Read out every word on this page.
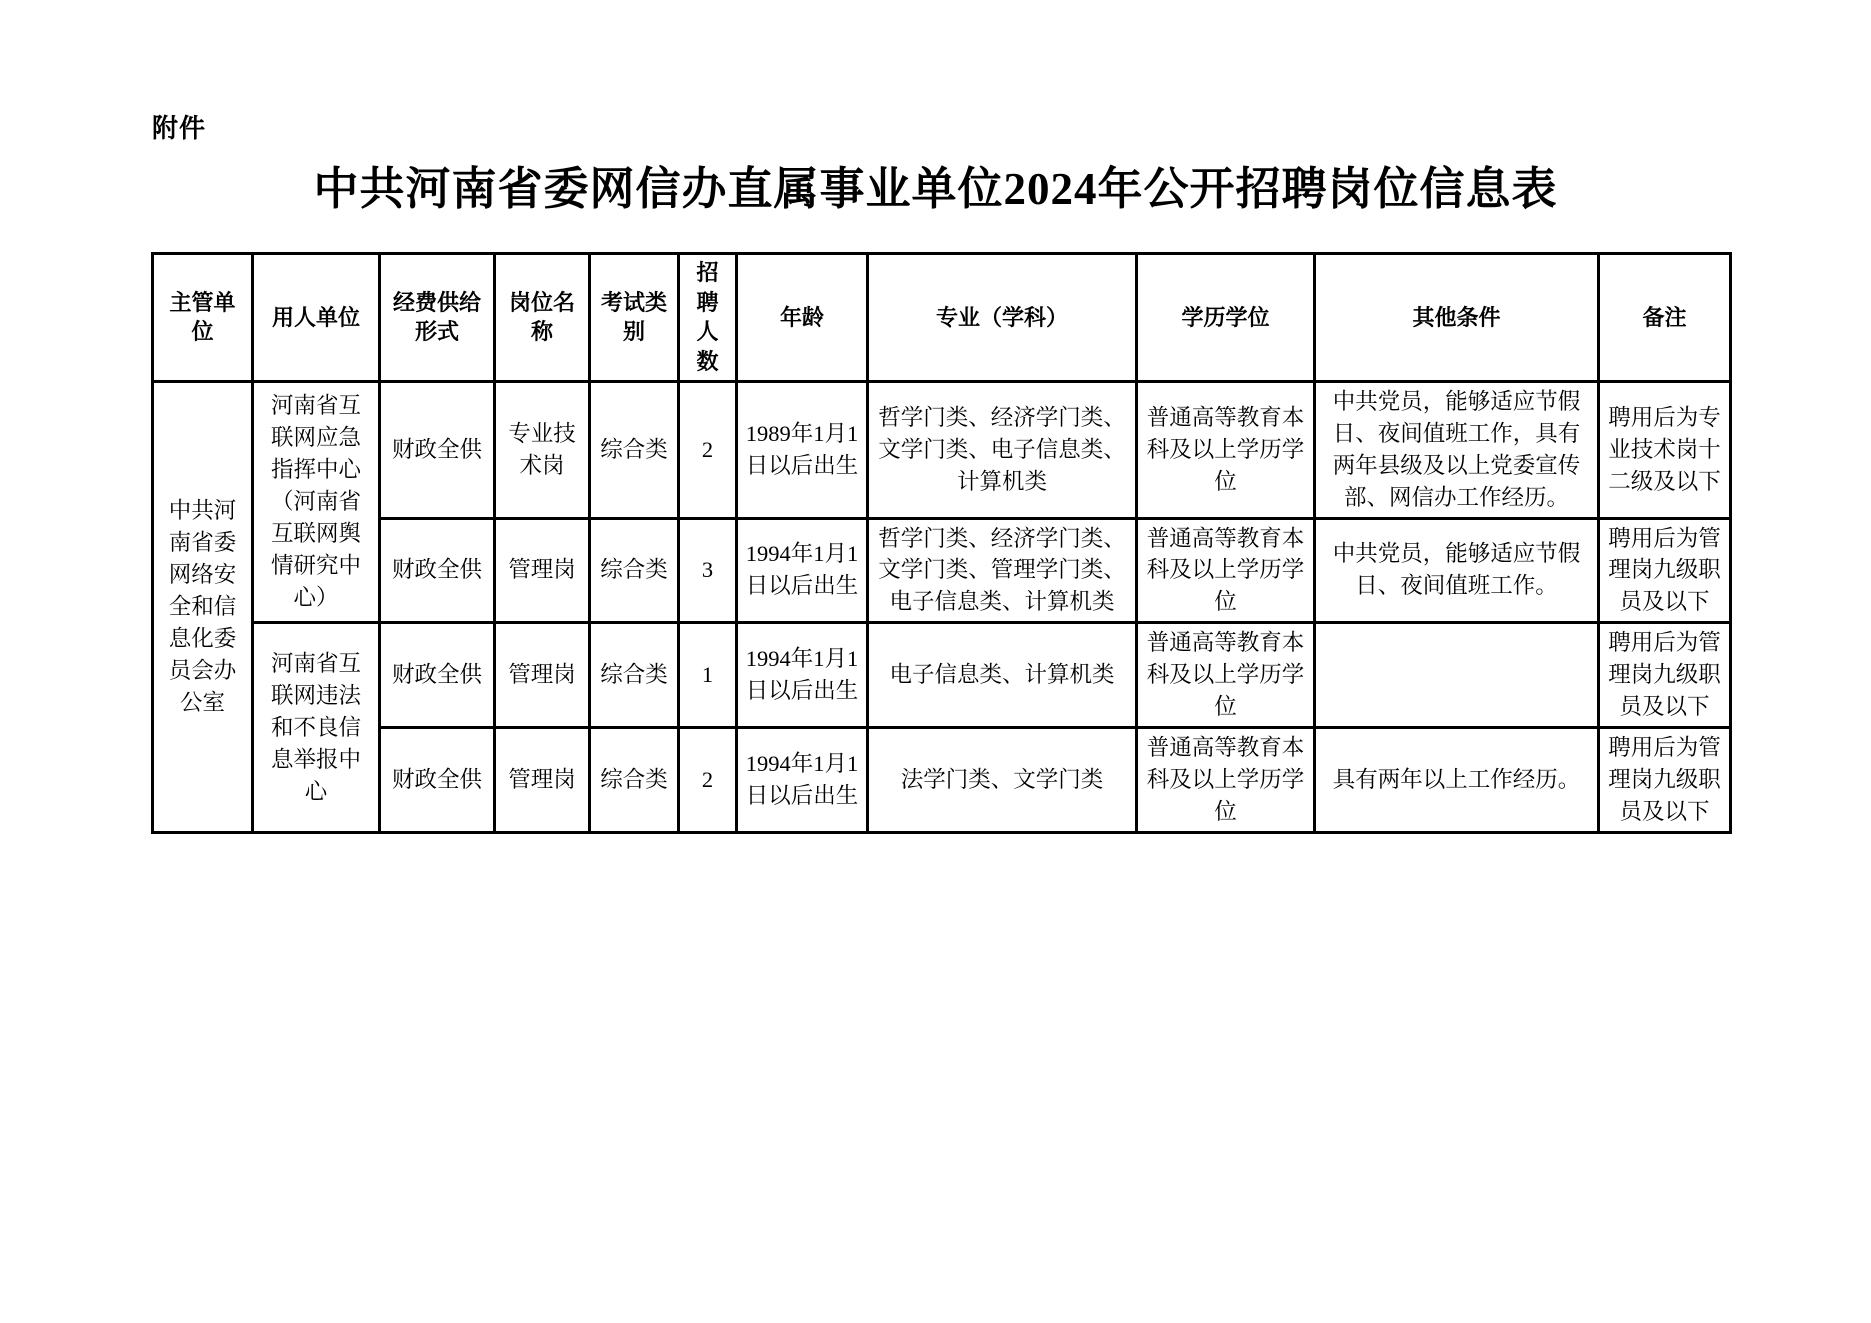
附件
中共河南省委网信办直属事业单位2024年公开招聘岗位信息表
主管单位	用人单位	经费供给形式	岗位名称	考试类别	招聘人数	年龄	专业（学科）	学历学位	其他条件	备注
中共河南省委网络安全和信息化委员会办公室	河南省互联网应急指挥中心（河南省互联网舆情研究中心）	财政全供	专业技术岗	综合类	2	1989年1月1日以后出生	哲学门类、经济学门类、文学门类、电子信息类、计算机类	普通高等教育本科及以上学历学位	中共党员，能够适应节假日、夜间值班工作，具有两年县级及以上党委宣传部、网信办工作经历。	聘用后为专业技术岗十二级及以下
		财政全供	管理岗	综合类	3	1994年1月1日以后出生	哲学门类、经济学门类、文学门类、管理学门类、电子信息类、计算机类	普通高等教育本科及以上学历学位	中共党员，能够适应节假日、夜间值班工作。	聘用后为管理岗九级职员及以下
	河南省互联网违法和不良信息举报中心	财政全供	管理岗	综合类	1	1994年1月1日以后出生	电子信息类、计算机类	普通高等教育本科及以上学历学位		聘用后为管理岗九级职员及以下
		财政全供	管理岗	综合类	2	1994年1月1日以后出生	法学门类、文学门类	普通高等教育本科及以上学历学位	具有两年以上工作经历。	聘用后为管理岗九级职员及以下
